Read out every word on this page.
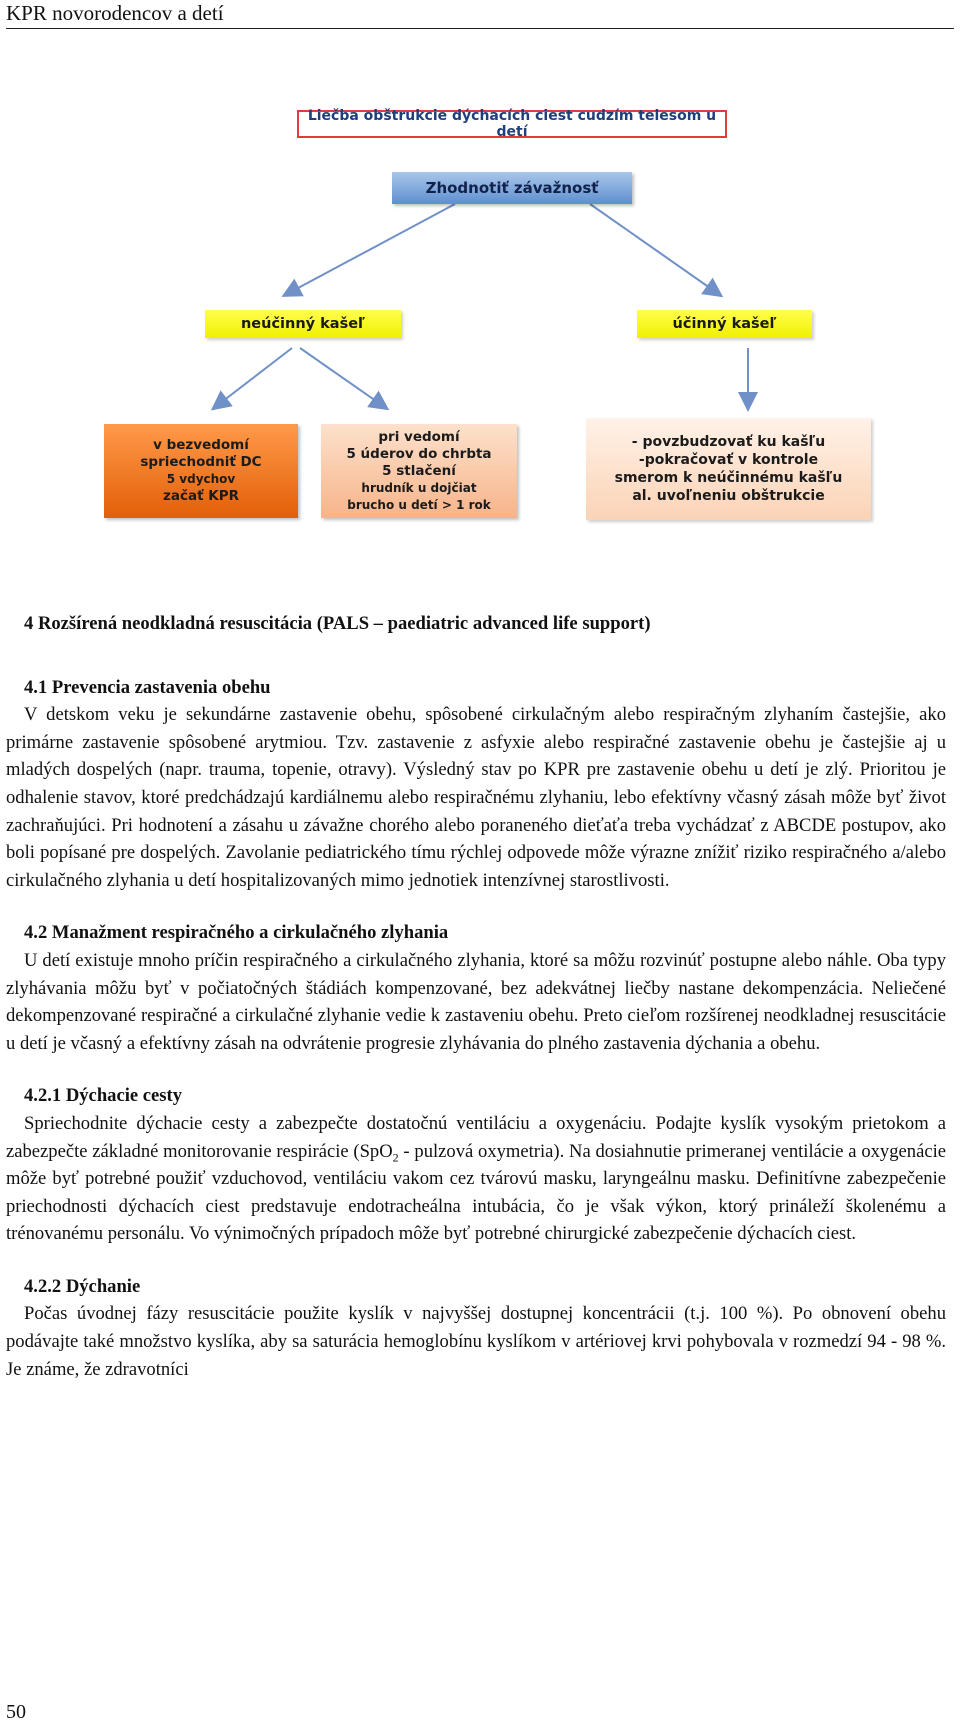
KPR novorodencov a detí
Liečba obštrukcie dýchacích ciest cudzím telesom u detí
Zhodnotiť závažnosť
neúčinný kašeľ	účinný kašeľ
v bezvedomí
spriechodniť DC
5 vdychov
začať KPR
pri vedomí
5 úderov do chrbta
5 stlačení
hrudník u dojčiat
brucho u detí > 1 rok
- povzbudzovať ku kašľu
-pokračovať v kontrole
smerom k neúčinnému kašľu
al. uvoľneniu obštrukcie
4 Rozšírená neodkladná resuscitácia (PALS – paediatric advanced life support)
4.1 Prevencia zastavenia obehu

V detskom veku je sekundárne zastavenie obehu, spôsobené cirkulačným alebo respiračným zlyhaním častejšie, ako primárne zastavenie spôsobené arytmiou. Tzv. zastavenie z asfyxie alebo respiračné zastavenie obehu je častejšie aj u mladých dospelých (napr. trauma, topenie, otravy). Výsledný stav po KPR pre zastavenie obehu u detí je zlý. Prioritou je odhalenie stavov, ktoré predchádzajú kardiálnemu alebo respiračnému zlyhaniu, lebo efektívny včasný zásah môže byť život zachraňujúci. Pri hodnotení a zásahu u závažne chorého alebo poraneného dieťaťa treba vychádzať z ABCDE postupov, ako boli popísané pre dospelých. Zavolanie pediatrického tímu rýchlej odpovede môže výrazne znížiť riziko respiračného a/alebo cirkulačného zlyhania u detí hospitalizovaných mimo jednotiek intenzívnej starostlivosti.

4.2 Manažment respiračného a cirkulačného zlyhania

U detí existuje mnoho príčin respiračného a cirkulačného zlyhania, ktoré sa môžu rozvinúť postupne alebo náhle. Oba typy zlyhávania môžu byť v počiatočných štádiách kompenzované, bez adekvátnej liečby nastane dekompenzácia. Neliečené dekompenzované respiračné a cirkulačné zlyhanie vedie k zastaveniu obehu. Preto cieľom rozšírenej neodkladnej resuscitácie u detí je včasný a efektívny zásah na odvrátenie progresie zlyhávania do plného zastavenia dýchania a obehu.

4.2.1 Dýchacie cesty

Spriechodnite dýchacie cesty a zabezpečte dostatočnú ventiláciu a oxygenáciu. Podajte kyslík vysokým prietokom a zabezpečte základné monitorovanie respirácie (SpO$_2$ - pulzová oxymetria). Na dosiahnutie primeranej ventilácie a oxygenácie môže byť potrebné použiť vzduchovod, ventiláciu vakom cez tvárovú masku, laryngeálnu masku. Definitívne zabezpečenie priechodnosti dýchacích ciest predstavuje endotracheálna intubácia, čo je však výkon, ktorý prináleží školenému a trénovanému personálu. Vo výnimočných prípadoch môže byť potrebné chirurgické zabezpečenie dýchacích ciest.

4.2.2 Dýchanie

Počas úvodnej fázy resuscitácie použite kyslík v najvyššej dostupnej koncentrácii (t.j. 100 %). Po obnovení obehu podávajte také množstvo kyslíka, aby sa saturácia hemoglobínu kyslíkom v artériovej krvi pohybovala v rozmedzí 94 - 98 %. Je známe, že zdravotníci

50
